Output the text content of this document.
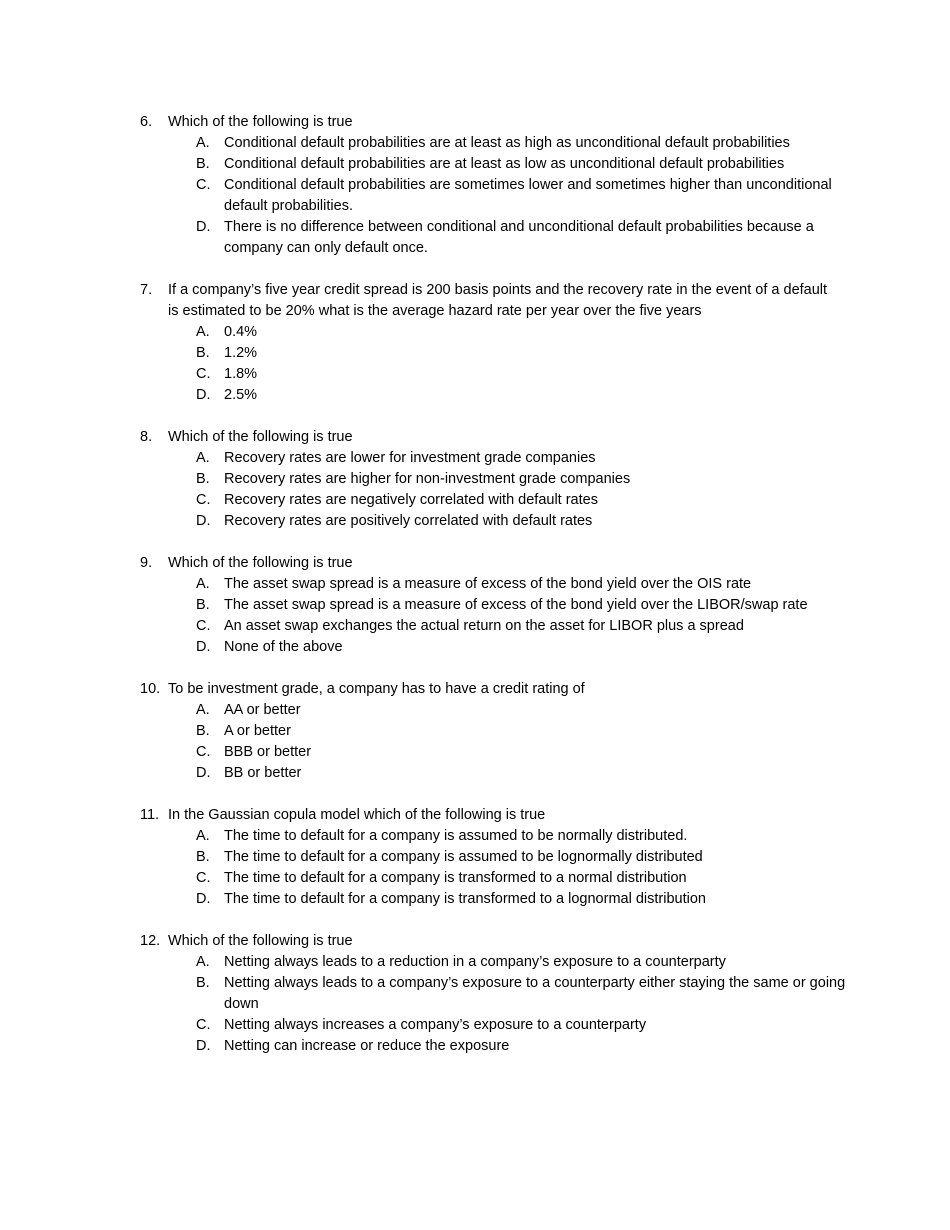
6.	Which of the following is true
A. Conditional default probabilities are at least as high as unconditional default probabilities
B. Conditional default probabilities are at least as low as unconditional default probabilities
C. Conditional default probabilities are sometimes lower and sometimes higher than unconditional default probabilities.
D. There is no difference between conditional and unconditional default probabilities because a company can only default once.
7.	If a company’s five year credit spread is 200 basis points and the recovery rate in the event of a default is estimated to be 20% what is the average hazard rate per year over the five years
A. 0.4%
B. 1.2%
C. 1.8%
D. 2.5%
8.	Which of the following is true
A. Recovery rates are lower for investment grade companies
B. Recovery rates are higher for non-investment grade companies
C. Recovery rates are negatively correlated with default rates
D. Recovery rates are positively correlated with default rates
9.	Which of the following is true
A. The asset swap spread is a measure of excess of the bond yield over the OIS rate
B. The asset swap spread is a measure of excess of the bond yield over the LIBOR/swap rate
C. An asset swap exchanges the actual return on the asset for LIBOR plus a spread
D. None of the above
10. To be investment grade, a company has to have a credit rating of
A. AA or better
B. A or better
C. BBB or better
D. BB or better
11. In the Gaussian copula model which of the following is true
A. The time to default for a company is assumed to be normally distributed.
B. The time to default for a company is assumed to be lognormally distributed
C. The time to default for a company is transformed to a normal distribution
D. The time to default for a company is transformed to a lognormal distribution
12. Which of the following is true
A. Netting always leads to a reduction in a company’s exposure to a counterparty
B. Netting always leads to a company’s exposure to a counterparty either staying the same or going down
C. Netting always increases a company’s exposure to a counterparty
D. Netting can increase or reduce the exposure
